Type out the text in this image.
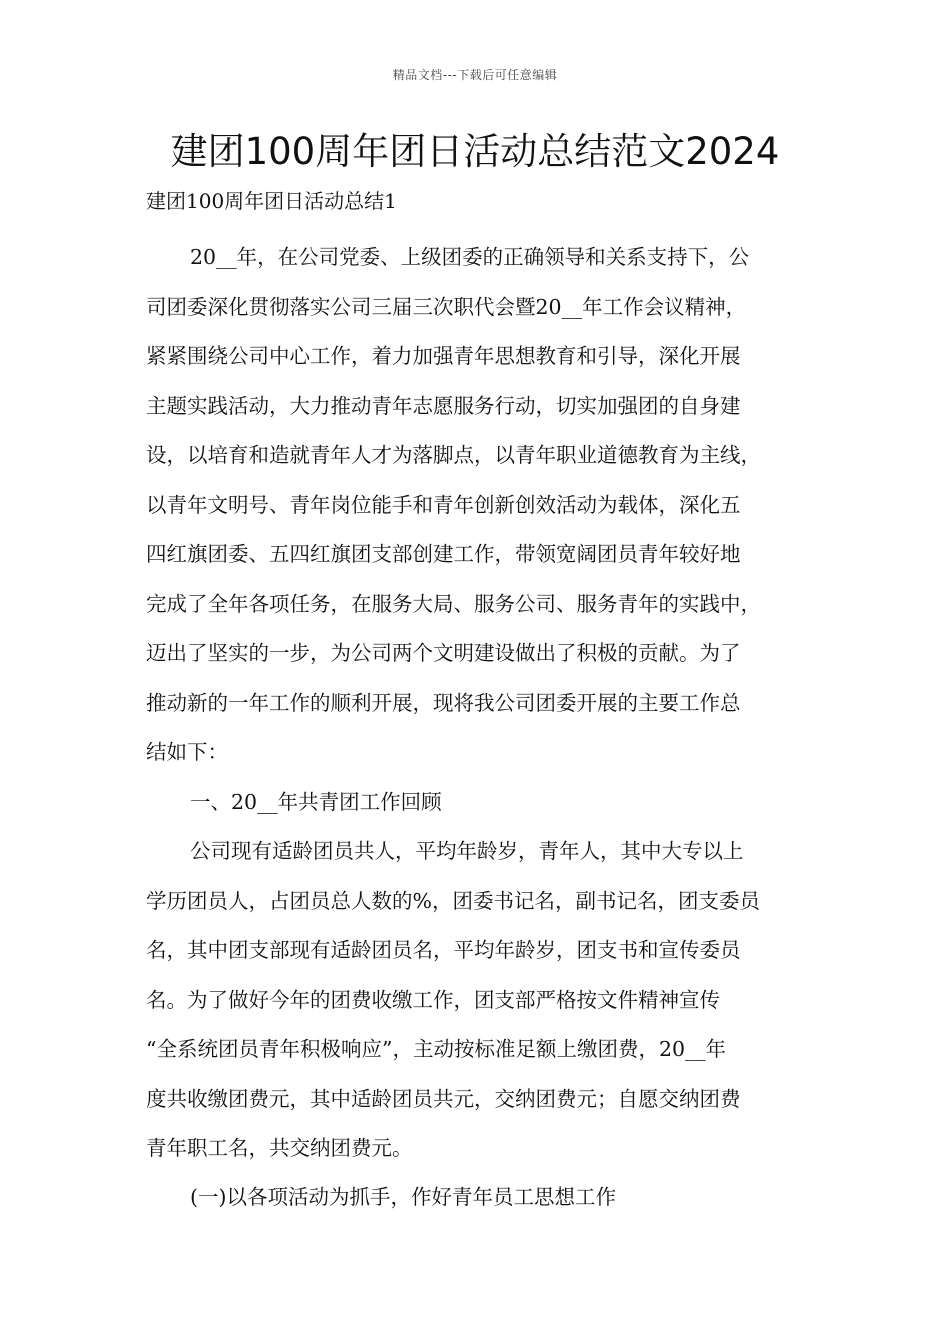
精品文档---下载后可任意编辑
建团100周年团日活动总结范文2024
建团100周年团日活动总结1
20__年，在公司党委、上级团委的正确领导和关系支持下，公
司团委深化贯彻落实公司三届三次职代会暨20__年工作会议精神，
紧紧围绕公司中心工作，着力加强青年思想教育和引导，深化开展
主题实践活动，大力推动青年志愿服务行动，切实加强团的自身建
设，以培育和造就青年人才为落脚点，以青年职业道德教育为主线，
以青年文明号、青年岗位能手和青年创新创效活动为载体，深化五
四红旗团委、五四红旗团支部创建工作，带领宽阔团员青年较好地
完成了全年各项任务，在服务大局、服务公司、服务青年的实践中，
迈出了坚实的一步，为公司两个文明建设做出了积极的贡献。为了
推动新的一年工作的顺利开展，现将我公司团委开展的主要工作总
结如下：
一、20__年共青团工作回顾
公司现有适龄团员共人，平均年龄岁，青年人，其中大专以上
学历团员人，占团员总人数的%，团委书记名，副书记名，团支委员
名，其中团支部现有适龄团员名，平均年龄岁，团支书和宣传委员
名。为了做好今年的团费收缴工作，团支部严格按文件精神宣传
“全系统团员青年积极响应”，主动按标准足额上缴团费，20__年
度共收缴团费元，其中适龄团员共元，交纳团费元；自愿交纳团费
青年职工名，共交纳团费元。
(一)以各项活动为抓手，作好青年员工思想工作
